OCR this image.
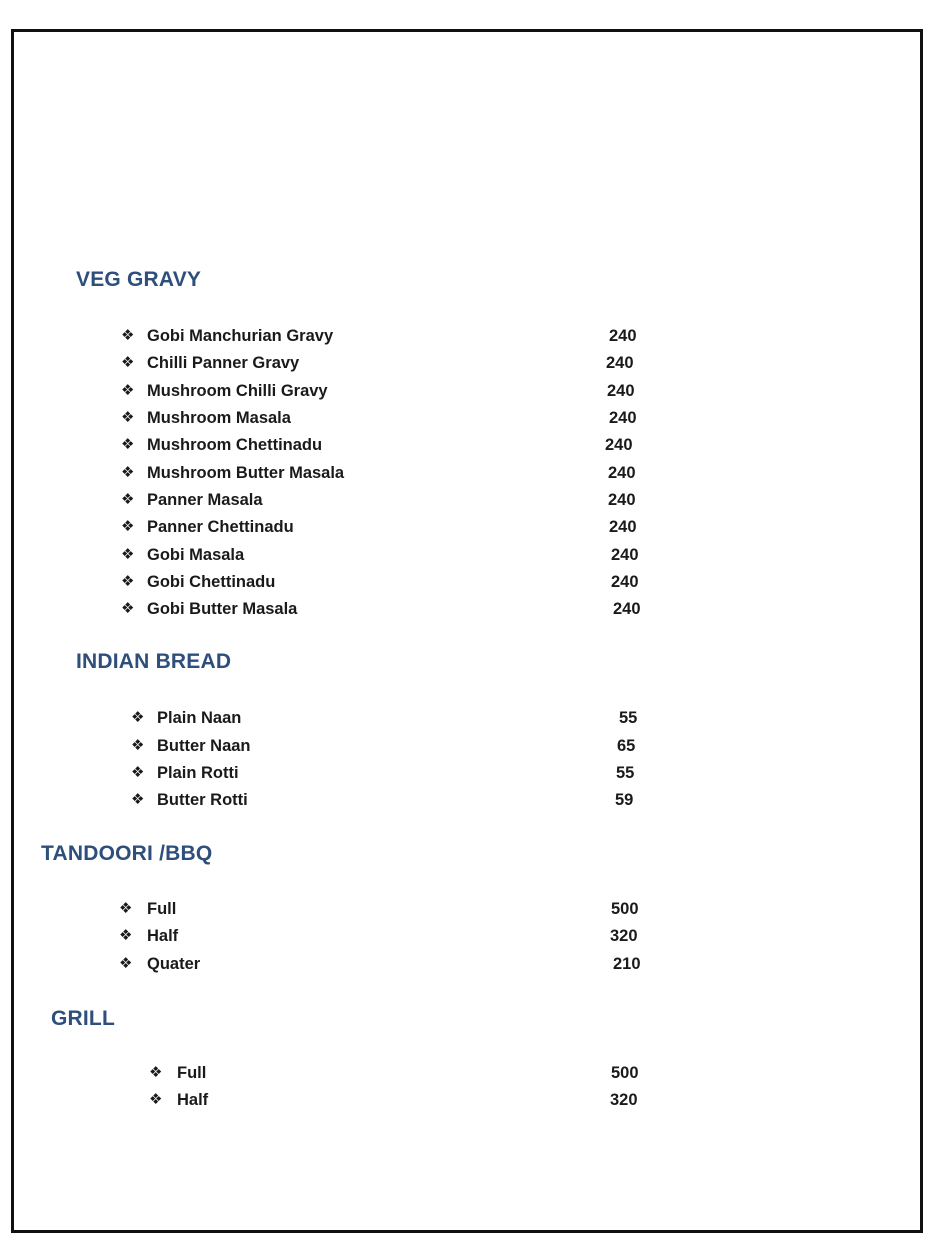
VEG GRAVY
❖ Gobi Manchurian Gravy	240
❖ Chilli Panner Gravy	240
❖ Mushroom Chilli Gravy	240
❖ Mushroom Masala	240
❖ Mushroom Chettinadu	240
❖ Mushroom Butter Masala	240
❖ Panner Masala	240
❖ Panner Chettinadu	240
❖ Gobi Masala	240
❖ Gobi Chettinadu	240
❖ Gobi Butter Masala	240
INDIAN BREAD
❖ Plain Naan	55
❖ Butter Naan	65
❖ Plain Rotti	55
❖ Butter Rotti	59
TANDOORI /BBQ
❖ Full	500
❖ Half	320
❖ Quater	210
GRILL
❖ Full	500
❖ Half	320
